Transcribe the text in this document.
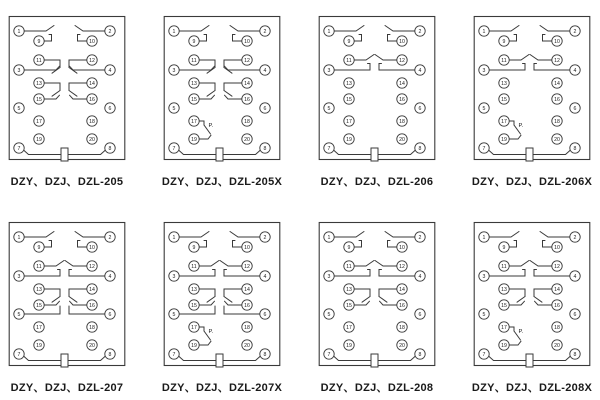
1
3
5
7
2
4
6
8
9
11
13
15
17
19
10
12
14
16
18
20
DZY、DZJ、DZL-205
P.
1
3
5
7
2
4
6
8
9
11
13
15
17
19
10
12
14
16
18
20
DZY、DZJ、DZL-205X
1
3
5
7
2
4
6
8
9
11
13
15
17
19
10
12
14
16
18
20
DZY、DZJ、DZL-206
P.
1
3
5
7
2
4
6
8
9
11
13
15
17
19
10
12
14
16
18
20
DZY、DZJ、DZL-206X
1
3
5
7
2
4
6
8
9
11
13
15
17
19
10
12
14
16
18
20
DZY、DZJ、DZL-207
P.
1
3
5
7
2
4
6
8
9
11
13
15
17
19
10
12
14
16
18
20
DZY、DZJ、DZL-207X
1
3
5
7
2
4
6
8
9
11
13
15
17
19
10
12
14
16
18
20
DZY、DZJ、DZL-208
P.
1
3
5
7
2
4
6
8
9
11
13
15
17
19
10
12
14
16
18
20
DZY、DZJ、DZL-208X
